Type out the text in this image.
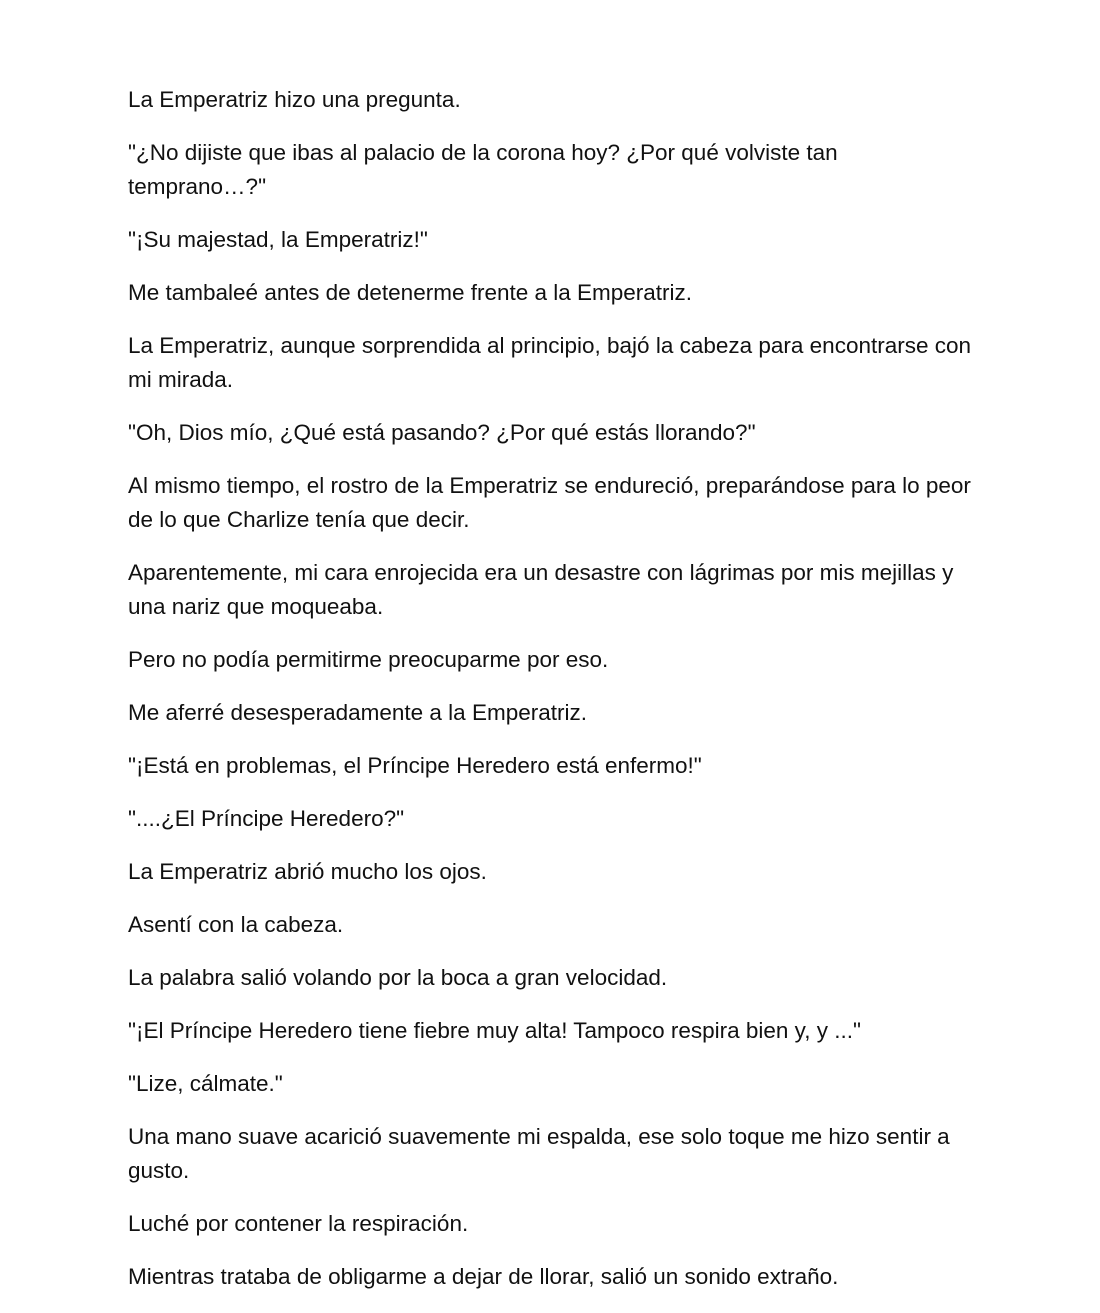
La Emperatriz hizo una pregunta.

"¿No dijiste que ibas al palacio de la corona hoy? ¿Por qué volviste tan temprano…?"

"¡Su majestad, la Emperatriz!"

Me tambaleé antes de detenerme frente a la Emperatriz.

La Emperatriz, aunque sorprendida al principio, bajó la cabeza para encontrarse con mi mirada.

"Oh, Dios mío, ¿Qué está pasando? ¿Por qué estás llorando?"

Al mismo tiempo, el rostro de la Emperatriz se endureció, preparándose para lo peor de lo que Charlize tenía que decir.

Aparentemente, mi cara enrojecida era un desastre con lágrimas por mis mejillas y una nariz que moqueaba.

Pero no podía permitirme preocuparme por eso.

Me aferré desesperadamente a la Emperatriz.

"¡Está en problemas, el Príncipe Heredero está enfermo!"

"....¿El Príncipe Heredero?"

La Emperatriz abrió mucho los ojos.

Asentí con la cabeza.

La palabra salió volando por la boca a gran velocidad.

"¡El Príncipe Heredero tiene fiebre muy alta! Tampoco respira bien y, y ..."

"Lize, cálmate."

Una mano suave acarició suavemente mi espalda, ese solo toque me hizo sentir a gusto.

Luché por contener la respiración.

Mientras trataba de obligarme a dejar de llorar, salió un sonido extraño.
